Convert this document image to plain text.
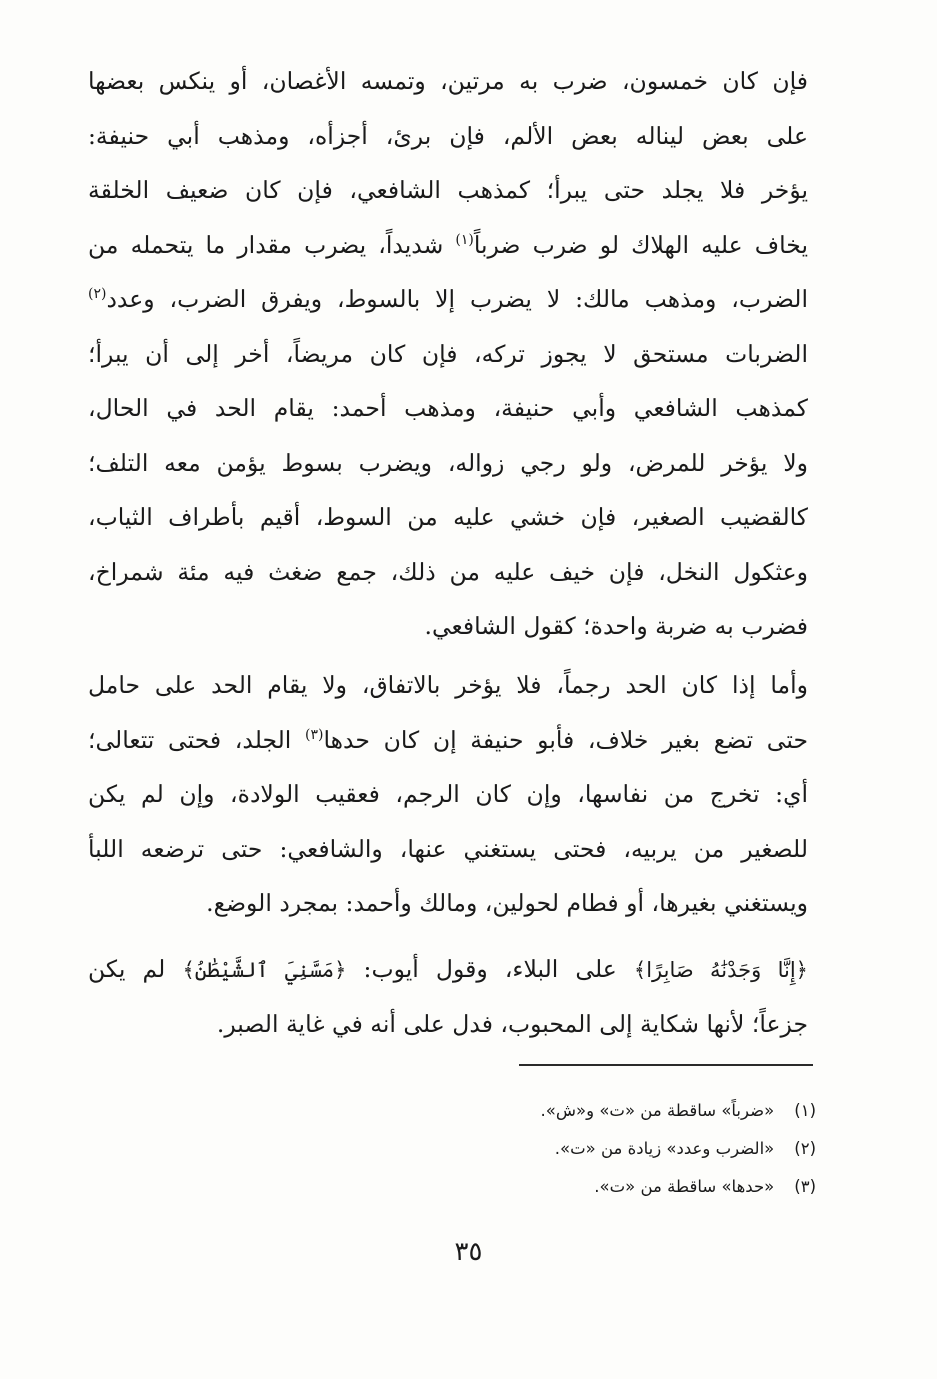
فإن كان خمسون، ضرب به مرتين، وتمسه الأغصان، أو ينكس بعضها
على بعض ليناله بعض الألم، فإن برئ، أجزأه، ومذهب أبي حنيفة:
يؤخر فلا يجلد حتى يبرأ؛ كمذهب الشافعي، فإن كان ضعيف الخلقة
يخاف عليه الهلاك لو ضرب ضرباً$^{(١)}$ شديداً، يضرب مقدار ما يتحمله من
الضرب، ومذهب مالك: لا يضرب إلا بالسوط، ويفرق الضرب، وعدد$^{(٢)}$
الضربات مستحق لا يجوز تركه، فإن كان مريضاً، أخر إلى أن يبرأ؛
كمذهب الشافعي وأبي حنيفة، ومذهب أحمد: يقام الحد في الحال،
ولا يؤخر للمرض، ولو رجي زواله، ويضرب بسوط يؤمن معه التلف؛
كالقضيب الصغير، فإن خشي عليه من السوط، أقيم بأطراف الثياب،
وعثكول النخل، فإن خيف عليه من ذلك، جمع ضغث فيه مئة شمراخ،
فضرب به ضربة واحدة؛ كقول الشافعي.
وأما إذا كان الحد رجماً، فلا يؤخر بالاتفاق، ولا يقام الحد على حامل
حتى تضع بغير خلاف، فأبو حنيفة إن كان حدها$^{(٣)}$ الجلد، فحتى تتعالى؛
أي: تخرج من نفاسها، وإن كان الرجم، فعقيب الولادة، وإن لم يكن
للصغير من يربيه، فحتى يستغني عنها، والشافعي: حتى ترضعه اللبأ
ويستغني بغيرها، أو فطام لحولين، ومالك وأحمد: بمجرد الوضع.
﴿إِنَّا وَجَدْنَٰهُ صَابِرًا﴾ على البلاء، وقول أيوب: ﴿مَسَّنِيَ ٱلشَّيْطَٰنُ﴾ لم يكن
جزعاً؛ لأنها شكاية إلى المحبوب، فدل على أنه في غاية الصبر.
(١)«ضرباً» ساقطة من «ت» و«ش».
(٢)«الضرب وعدد» زيادة من «ت».
(٣)«حدها» ساقطة من «ت».
٣٥
